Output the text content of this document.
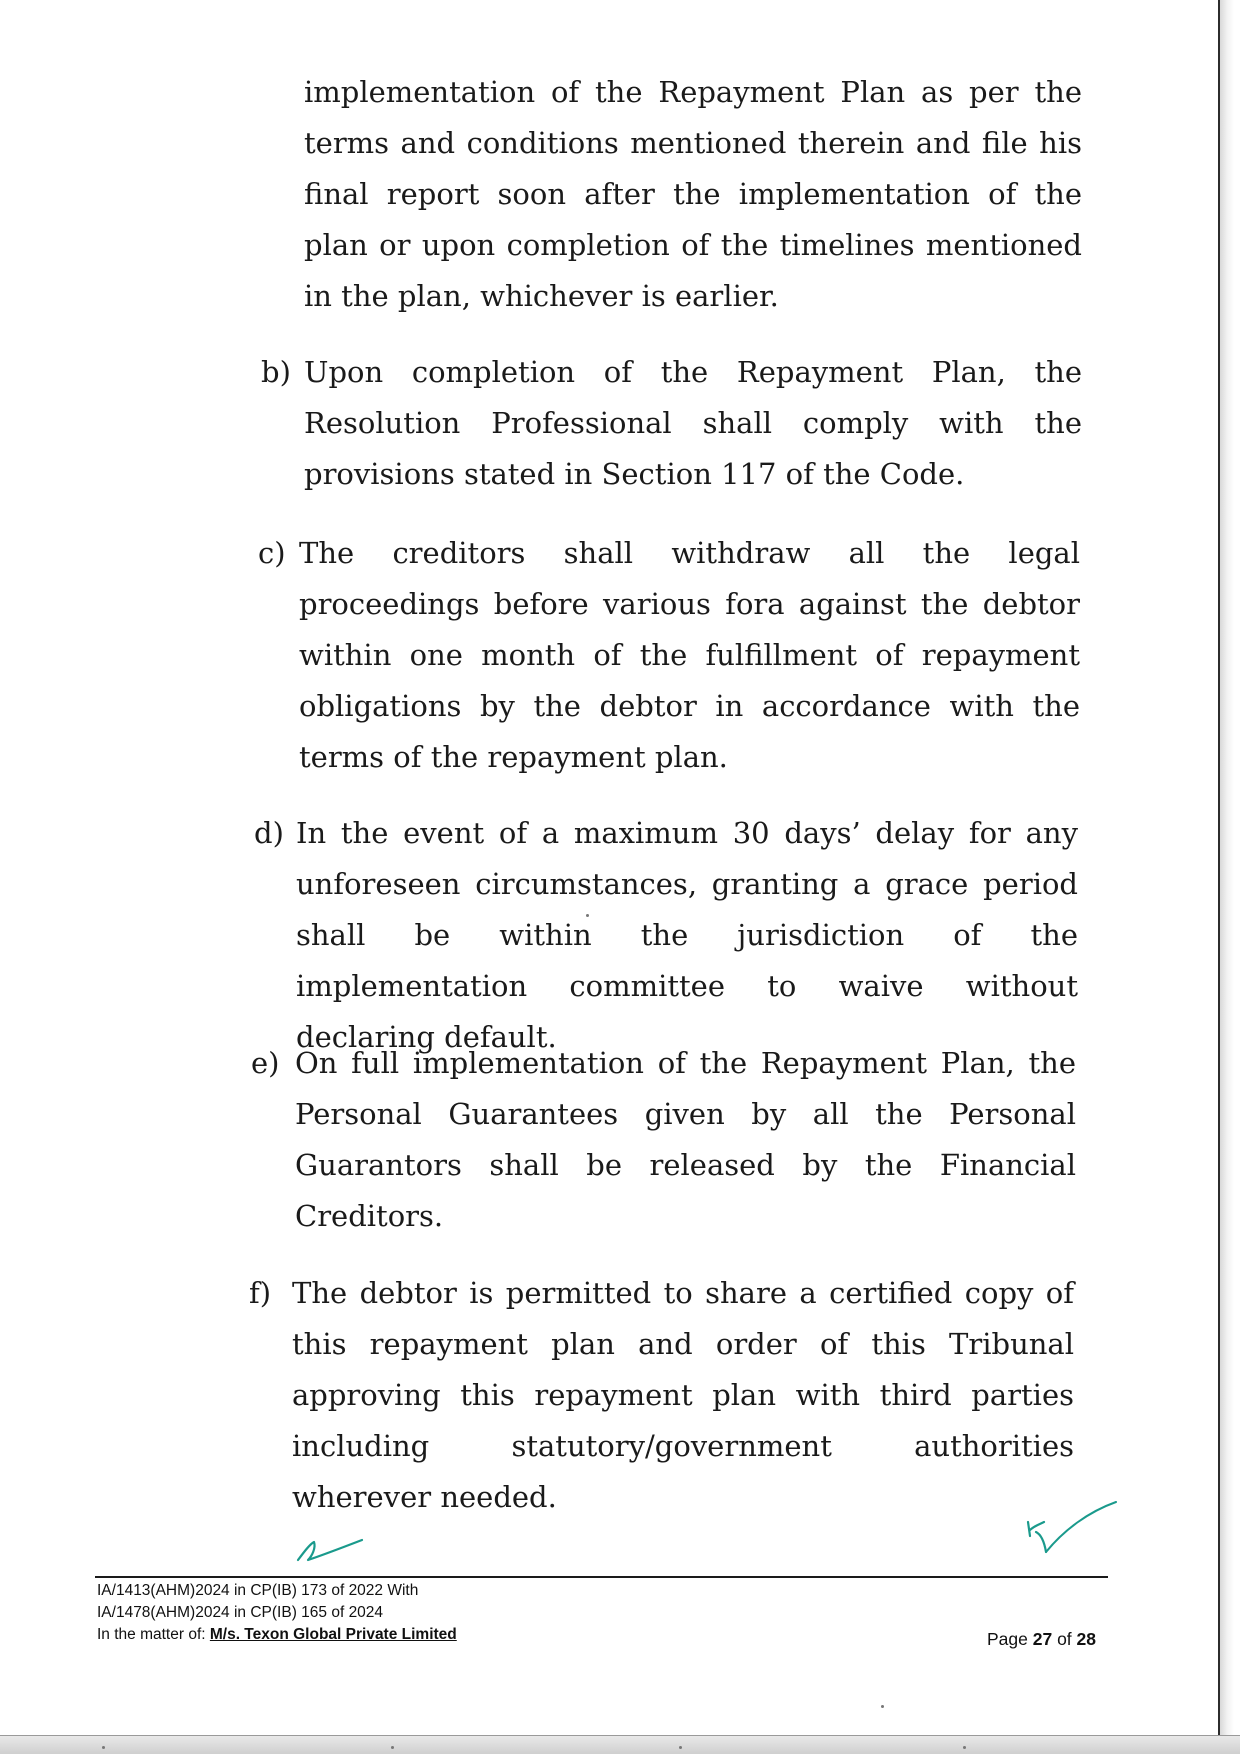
implementation of the Repayment Plan as per the terms and conditions mentioned therein and file his final report soon after the implementation of the plan or upon completion of the timelines mentioned in the plan, whichever is earlier.
b) Upon completion of the Repayment Plan, the Resolution Professional shall comply with the provisions stated in Section 117 of the Code.
c) The creditors shall withdraw all the legal proceedings before various fora against the debtor within one month of the fulfillment of repayment obligations by the debtor in accordance with the terms of the repayment plan.
d) In the event of a maximum 30 days’ delay for any unforeseen circumstances, granting a grace period shall be within the jurisdiction of the implementation committee to waive without declaring default.
e) On full implementation of the Repayment Plan, the Personal Guarantees given by all the Personal Guarantors shall be released by the Financial Creditors.
f) The debtor is permitted to share a certified copy of this repayment plan and order of this Tribunal approving this repayment plan with third parties including statutory/government authorities wherever needed.
IA/1413(AHM)2024 in CP(IB) 173 of 2022 With
IA/1478(AHM)2024 in CP(IB) 165 of 2024
In the matter of: M/s. Texon Global Private Limited	Page 27 of 28
